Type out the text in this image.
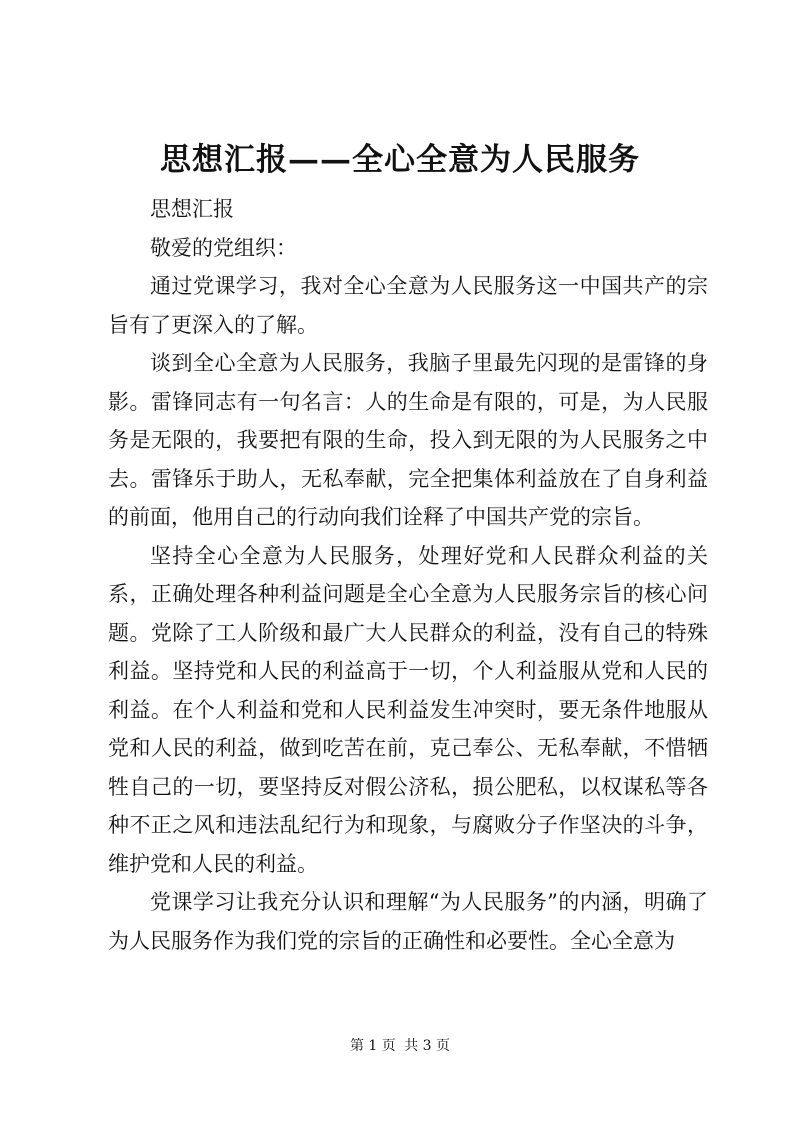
思想汇报——全心全意为人民服务

思想汇报

敬爱的党组织：

通过党课学习，我对全心全意为人民服务这一中国共产的宗旨有了更深入的了解。

谈到全心全意为人民服务，我脑子里最先闪现的是雷锋的身影。雷锋同志有一句名言：人的生命是有限的，可是，为人民服务是无限的，我要把有限的生命，投入到无限的为人民服务之中去。雷锋乐于助人，无私奉献，完全把集体利益放在了自身利益的前面，他用自己的行动向我们诠释了中国共产党的宗旨。

坚持全心全意为人民服务，处理好党和人民群众利益的关系，正确处理各种利益问题是全心全意为人民服务宗旨的核心问题。党除了工人阶级和最广大人民群众的利益，没有自己的特殊利益。坚持党和人民的利益高于一切，个人利益服从党和人民的利益。在个人利益和党和人民利益发生冲突时，要无条件地服从党和人民的利益，做到吃苦在前，克己奉公、无私奉献，不惜牺牲自己的一切，要坚持反对假公济私，损公肥私，以权谋私等各种不正之风和违法乱纪行为和现象，与腐败分子作坚决的斗争，维护党和人民的利益。

党课学习让我充分认识和理解“为人民服务”的内涵，明确了为人民服务作为我们党的宗旨的正确性和必要性。全心全意为

第 1 页 共 3 页
